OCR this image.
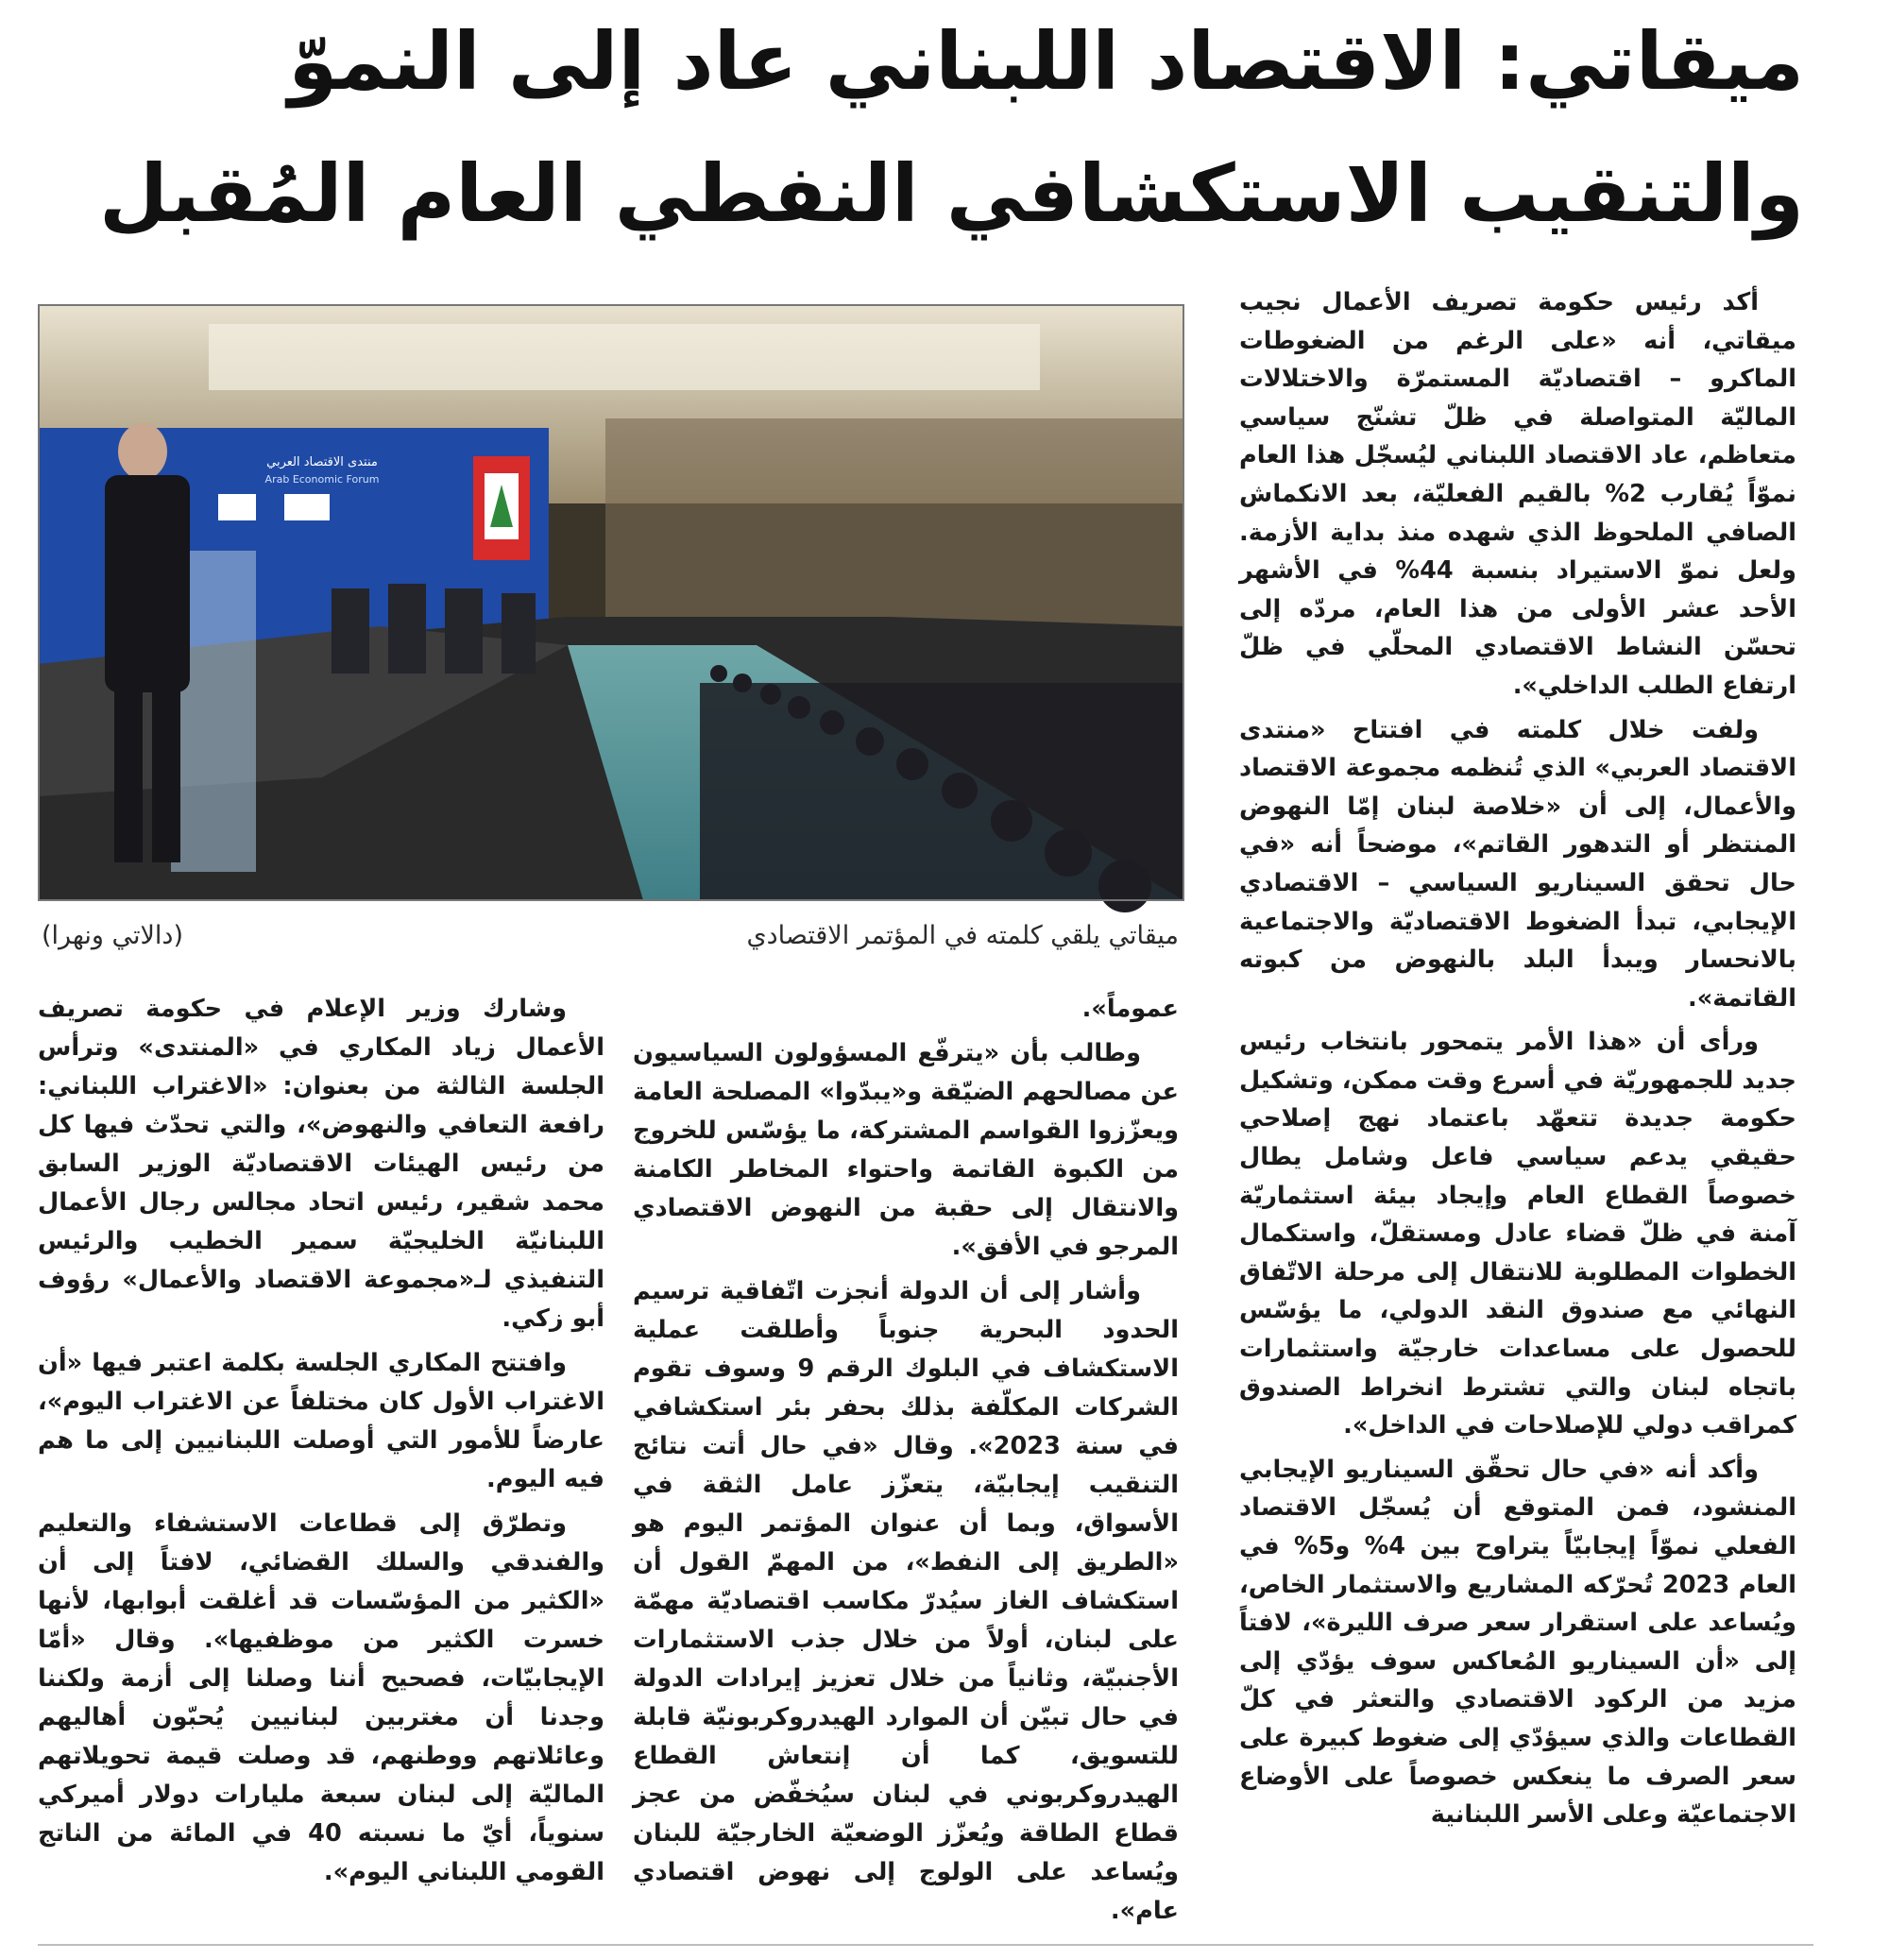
ميقاتي: الاقتصاد اللبناني عاد إلى النموّ
والتنقيب الاستكشافي النفطي العام المُقبل

أكد رئيس حكومة تصريف الأعمال نجيب ميقاتي، أنه «على الرغم من الضغوطات الماكرو – اقتصاديّة المستمرّة والاختلالات الماليّة المتواصلة في ظلّ تشنّج سياسي متعاظم، عاد الاقتصاد اللبناني ليُسجّل هذا العام نموّاً يُقارب 2% بالقيم الفعليّة، بعد الانكماش الصافي الملحوظ الذي شهده منذ بداية الأزمة. ولعل نموّ الاستيراد بنسبة 44% في الأشهر الأحد عشر الأولى من هذا العام، مردّه إلى تحسّن النشاط الاقتصادي المحلّي في ظلّ ارتفاع الطلب الداخلي».

ولفت خلال كلمته في افتتاح «منتدى الاقتصاد العربي» الذي تُنظمه مجموعة الاقتصاد والأعمال، إلى أن «خلاصة لبنان إمّا النهوض المنتظر أو التدهور القاتم»، موضحاً أنه «في حال تحقق السيناريو السياسي – الاقتصادي الإيجابي، تبدأ الضغوط الاقتصاديّة والاجتماعية بالانحسار ويبدأ البلد بالنهوض من كبوته القاتمة».

ورأى أن «هذا الأمر يتمحور بانتخاب رئيس جديد للجمهوريّة في أسرع وقت ممكن، وتشكيل حكومة جديدة تتعهّد باعتماد نهج إصلاحي حقيقي يدعم سياسي فاعل وشامل يطال خصوصاً القطاع العام وإيجاد بيئة استثماريّة آمنة في ظلّ قضاء عادل ومستقلّ، واستكمال الخطوات المطلوبة للانتقال إلى مرحلة الاتّفاق النهائي مع صندوق النقد الدولي، ما يؤسّس للحصول على مساعدات خارجيّة واستثمارات باتجاه لبنان والتي تشترط انخراط الصندوق كمراقب دولي للإصلاحات في الداخل».

وأكد أنه «في حال تحقّق السيناريو الإيجابي المنشود، فمن المتوقع أن يُسجّل الاقتصاد الفعلي نموّاً إيجابيّاً يتراوح بين 4% و5% في العام 2023 تُحرّكه المشاريع والاستثمار الخاص، ويُساعد على استقرار سعر صرف الليرة»، لافتاً إلى «أن السيناريو المُعاكس سوف يؤدّي إلى مزيد من الركود الاقتصادي والتعثر في كلّ القطاعات والذي سيؤدّي إلى ضغوط كبيرة على سعر الصرف ما ينعكس خصوصاً على الأوضاع الاجتماعيّة وعلى الأسر اللبنانية

منتدى الاقتصاد العربي
Arab Economic Forum
ميقاتي يلقي كلمته في المؤتمر الاقتصادي
(دالاتي ونهرا)

عموماً».

وطالب بأن «يترفّع المسؤولون السياسيون عن مصالحهم الضيّقة و«يبدّوا» المصلحة العامة ويعزّزوا القواسم المشتركة، ما يؤسّس للخروج من الكبوة القاتمة واحتواء المخاطر الكامنة والانتقال إلى حقبة من النهوض الاقتصادي المرجو في الأفق».

وأشار إلى أن الدولة أنجزت اتّفاقية ترسيم الحدود البحرية جنوباً وأطلقت عملية الاستكشاف في البلوك الرقم 9 وسوف تقوم الشركات المكلّفة بذلك بحفر بئر استكشافي في سنة 2023». وقال «في حال أتت نتائج التنقيب إيجابيّة، يتعزّز عامل الثقة في الأسواق، وبما أن عنوان المؤتمر اليوم هو «الطريق إلى النفط»، من المهمّ القول أن استكشاف الغاز سيُدرّ مكاسب اقتصاديّة مهمّة على لبنان، أولاً من خلال جذب الاستثمارات الأجنبيّة، وثانياً من خلال تعزيز إيرادات الدولة في حال تبيّن أن الموارد الهيدروكربونيّة قابلة للتسويق، كما أن إنتعاش القطاع الهيدروكربوني في لبنان سيُخفّض من عجز قطاع الطاقة ويُعزّز الوضعيّة الخارجيّة للبنان ويُساعد على الولوج إلى نهوض اقتصادي عام».

وشارك وزير الإعلام في حكومة تصريف الأعمال زياد المكاري في «المنتدى» وترأس الجلسة الثالثة من بعنوان: «الاغتراب اللبناني: رافعة التعافي والنهوض»، والتي تحدّث فيها كل من رئيس الهيئات الاقتصاديّة الوزير السابق محمد شقير، رئيس اتحاد مجالس رجال الأعمال اللبنانيّة الخليجيّة سمير الخطيب والرئيس التنفيذي لـ«مجموعة الاقتصاد والأعمال» رؤوف أبو زكي.

وافتتح المكاري الجلسة بكلمة اعتبر فيها «أن الاغتراب الأول كان مختلفاً عن الاغتراب اليوم»، عارضاً للأمور التي أوصلت اللبنانيين إلى ما هم فيه اليوم.

وتطرّق إلى قطاعات الاستشفاء والتعليم والفندقي والسلك القضائي، لافتاً إلى أن «الكثير من المؤسّسات قد أغلقت أبوابها، لأنها خسرت الكثير من موظفيها». وقال «أمّا الإيجابيّات، فصحيح أننا وصلنا إلى أزمة ولكننا وجدنا أن مغتربين لبنانيين يُحبّون أهاليهم وعائلاتهم ووطنهم، قد وصلت قيمة تحويلاتهم الماليّة إلى لبنان سبعة مليارات دولار أميركي سنوياً، أيّ ما نسبته 40 في المائة من الناتج القومي اللبناني اليوم».
